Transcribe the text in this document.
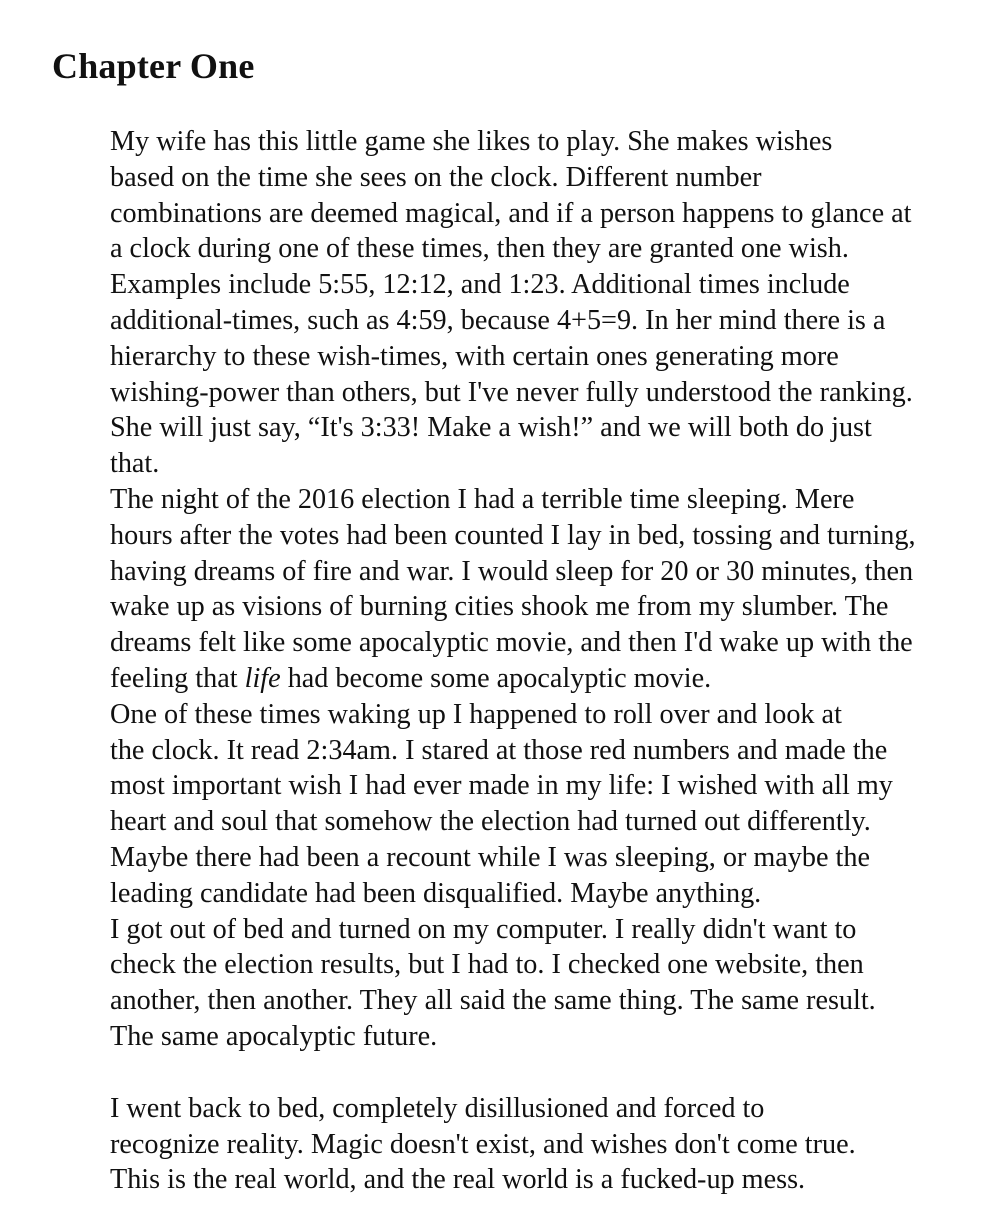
Chapter One
My wife has this little game she likes to play. She makes wishes
based on the time she sees on the clock. Different number
combinations are deemed magical, and if a person happens to glance at
a clock during one of these times, then they are granted one wish.
Examples include 5:55, 12:12, and 1:23. Additional times include
additional-times, such as 4:59, because 4+5=9. In her mind there is a
hierarchy to these wish-times, with certain ones generating more
wishing-power than others, but I've never fully understood the ranking.
She will just say, “It's 3:33! Make a wish!” and we will both do just
that.
The night of the 2016 election I had a terrible time sleeping. Mere
hours after the votes had been counted I lay in bed, tossing and turning,
having dreams of fire and war. I would sleep for 20 or 30 minutes, then
wake up as visions of burning cities shook me from my slumber. The
dreams felt like some apocalyptic movie, and then I'd wake up with the
feeling that life had become some apocalyptic movie.
One of these times waking up I happened to roll over and look at
the clock. It read 2:34am. I stared at those red numbers and made the
most important wish I had ever made in my life: I wished with all my
heart and soul that somehow the election had turned out differently.
Maybe there had been a recount while I was sleeping, or maybe the
leading candidate had been disqualified. Maybe anything.
I got out of bed and turned on my computer. I really didn't want to
check the election results, but I had to. I checked one website, then
another, then another. They all said the same thing. The same result.
The same apocalyptic future.
I went back to bed, completely disillusioned and forced to
recognize reality. Magic doesn't exist, and wishes don't come true.
This is the real world, and the real world is a fucked-up mess.
